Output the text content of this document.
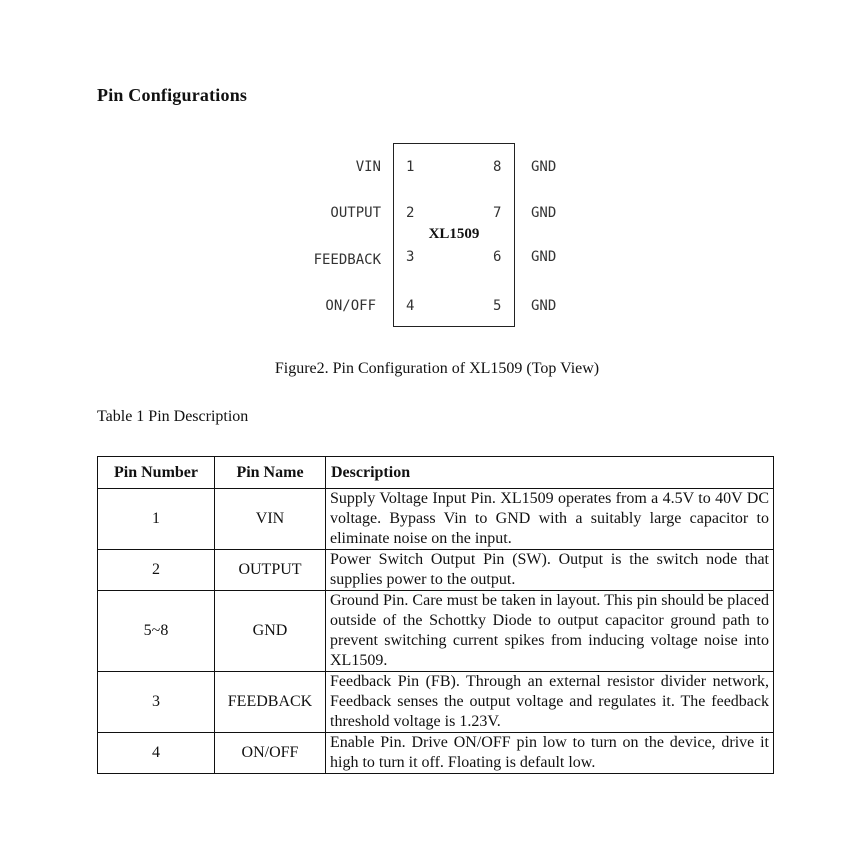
Pin Configurations
XL1509
VIN 1	8 GND
OUTPUT 2	7 GND
FEEDBACK 3	6 GND
ON/OFF 4	5 GND
Figure2. Pin Configuration of XL1509 (Top View)
Table 1 Pin Description
Pin Number	Pin Name	Description
1	VIN	Supply Voltage Input Pin. XL1509 operates from a 4.5V to 40V DC voltage. Bypass Vin to GND with a suitably large capacitor to eliminate noise on the input.
2	OUTPUT	Power Switch Output Pin (SW). Output is the switch node that supplies power to the output.
5~8	GND	Ground Pin. Care must be taken in layout. This pin should be placed outside of the Schottky Diode to output capacitor ground path to prevent switching current spikes from inducing voltage noise into XL1509.
3	FEEDBACK	Feedback Pin (FB). Through an external resistor divider network, Feedback senses the output voltage and regulates it. The feedback threshold voltage is 1.23V.
4	ON/OFF	Enable Pin. Drive ON/OFF pin low to turn on the device, drive it high to turn it off. Floating is default low.
